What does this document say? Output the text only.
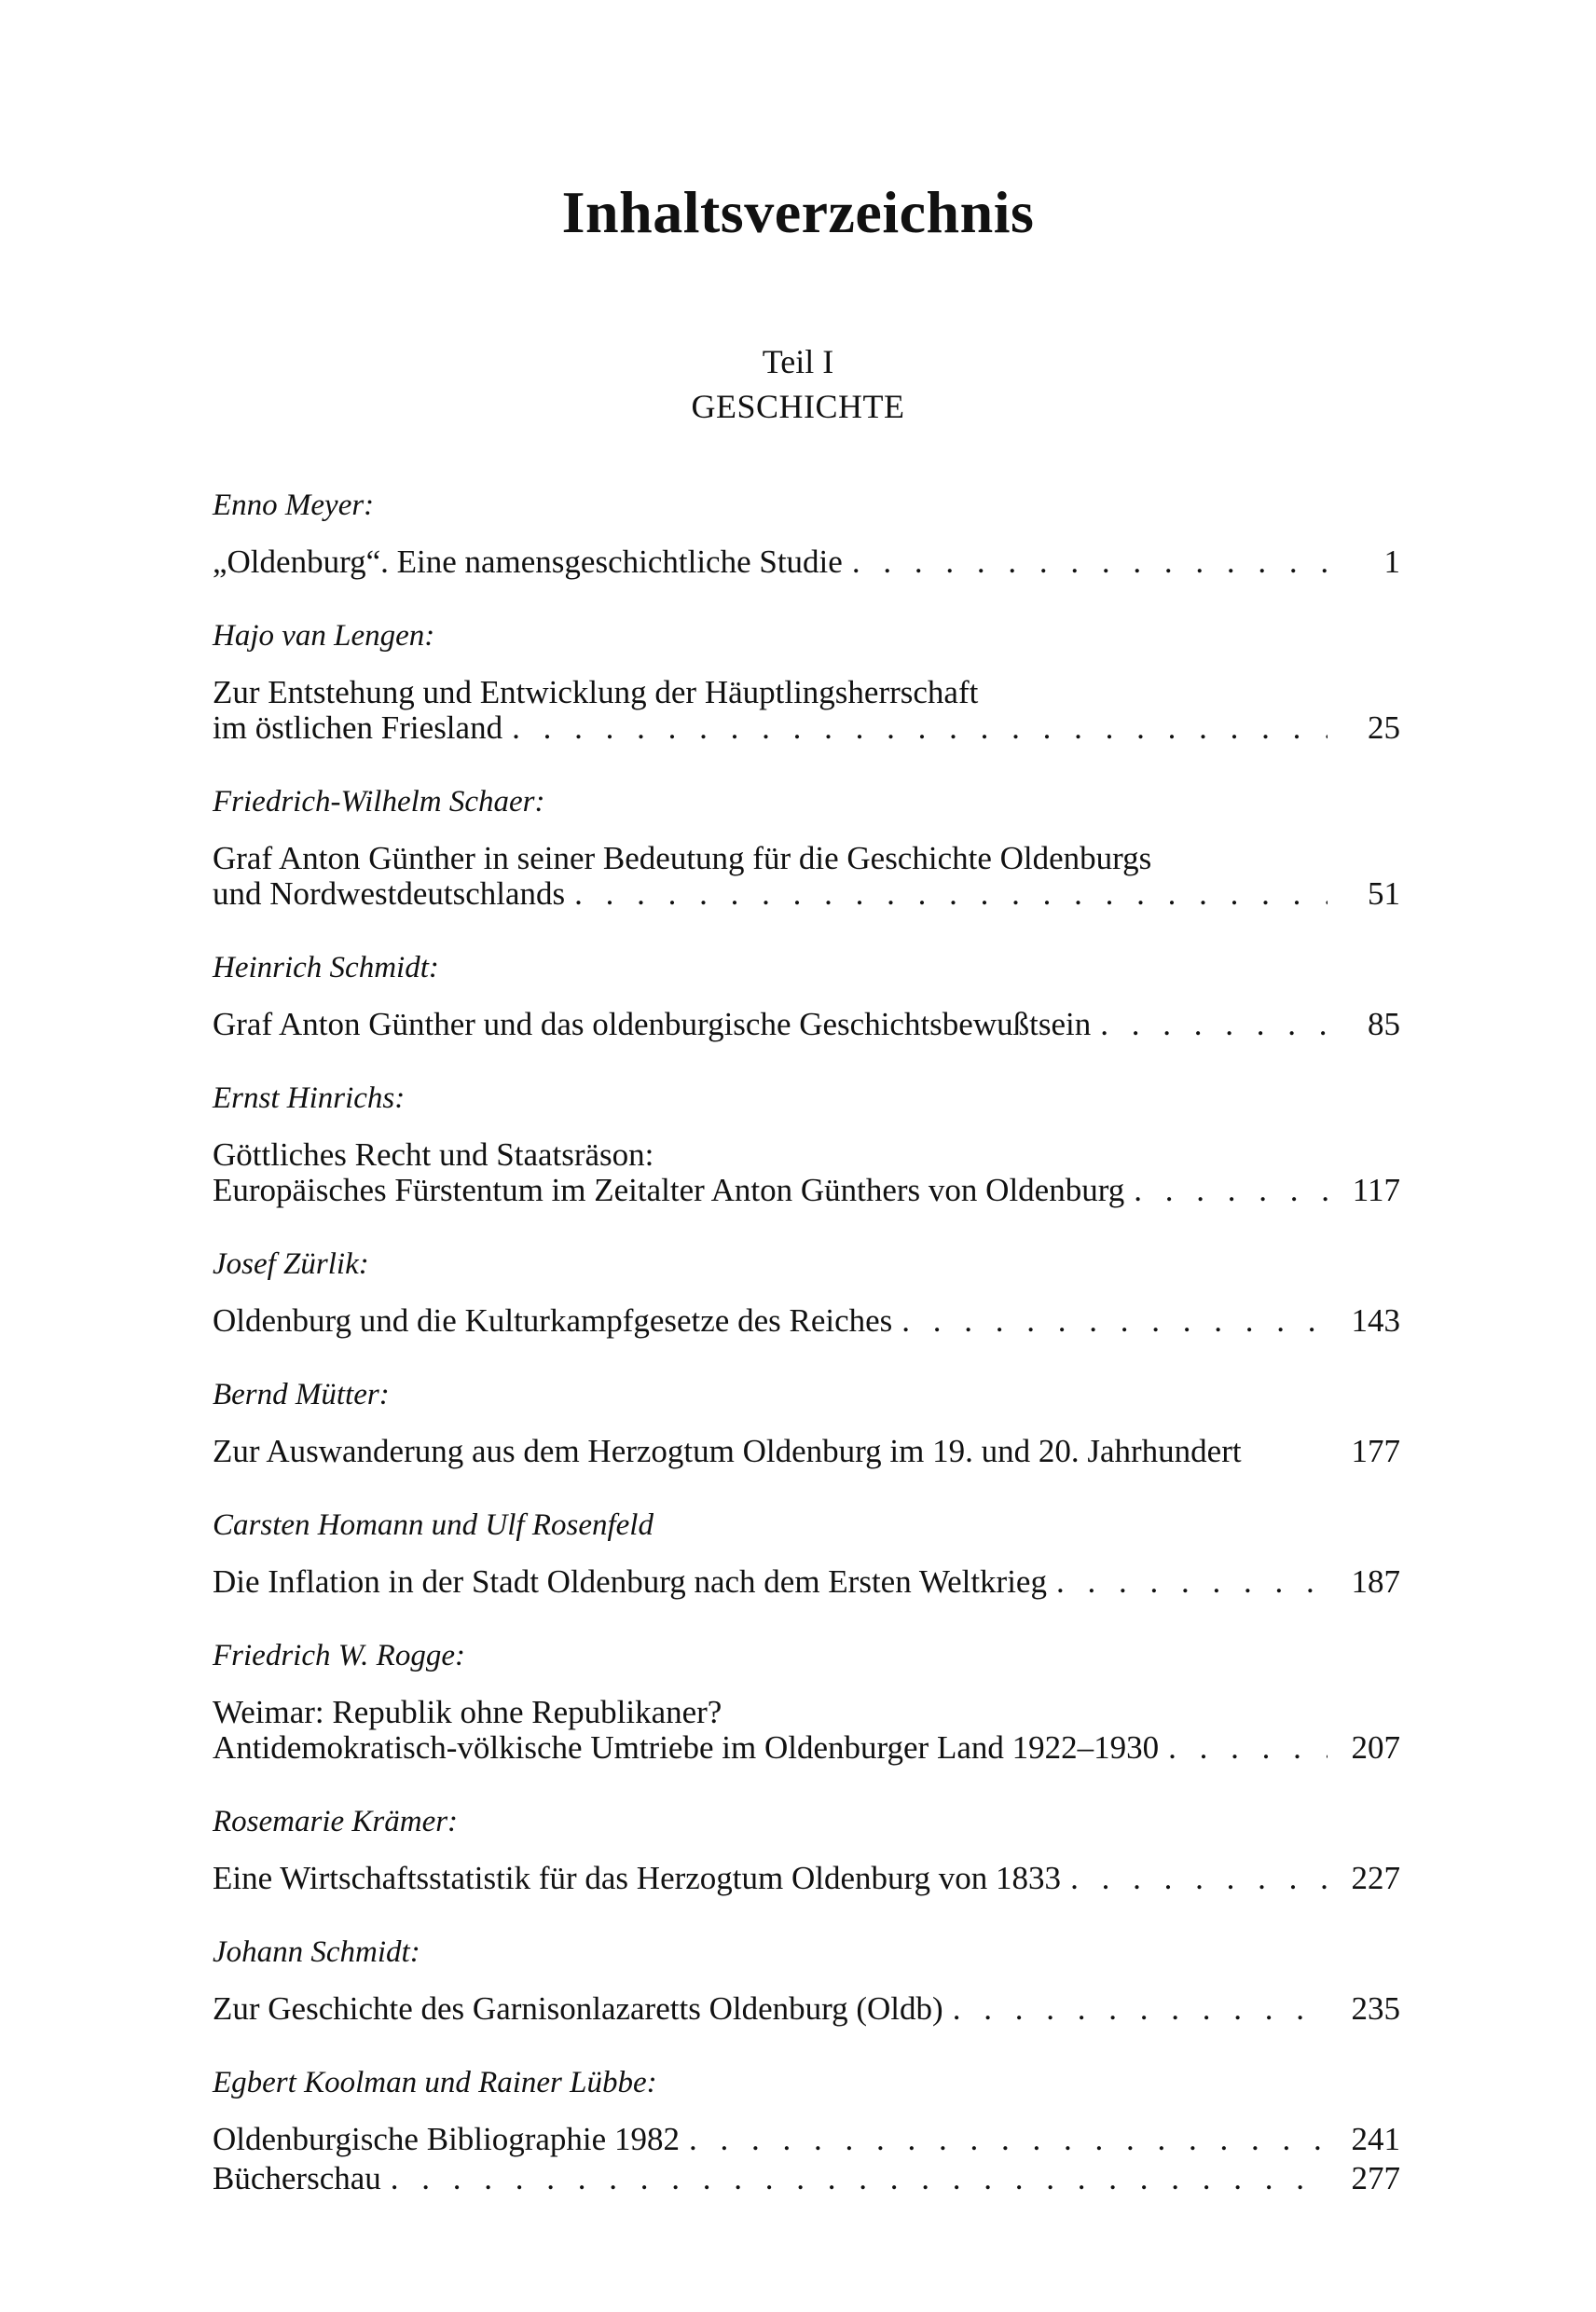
Inhaltsverzeichnis
Teil I
GESCHICHTE
Enno Meyer:
„Oldenburg“. Eine namensgeschichtliche Studie . . .	1
Hajo van Lengen:
Zur Entstehung und Entwicklung der Häuptlingsherrschaft
im östlichen Friesland . . .	25
Friedrich-Wilhelm Schaer:
Graf Anton Günther in seiner Bedeutung für die Geschichte Oldenburgs
und Nordwestdeutschlands . . .	51
Heinrich Schmidt:
Graf Anton Günther und das oldenburgische Geschichtsbewußtsein . . .	85
Ernst Hinrichs:
Göttliches Recht und Staatsräson:
Europäisches Fürstentum im Zeitalter Anton Günthers von Oldenburg . . .	117
Josef Zürlik:
Oldenburg und die Kulturkampfgesetze des Reiches . . .	143
Bernd Mütter:
Zur Auswanderung aus dem Herzogtum Oldenburg im 19. und 20. Jahrhundert	177
Carsten Homann und Ulf Rosenfeld
Die Inflation in der Stadt Oldenburg nach dem Ersten Weltkrieg . . .	187
Friedrich W. Rogge:
Weimar: Republik ohne Republikaner?
Antidemokratisch-völkische Umtriebe im Oldenburger Land 1922–1930 . . .	207
Rosemarie Krämer:
Eine Wirtschaftsstatistik für das Herzogtum Oldenburg von 1833 . . .	227
Johann Schmidt:
Zur Geschichte des Garnisonlazaretts Oldenburg (Oldb) . . .	235
Egbert Koolman und Rainer Lübbe:
Oldenburgische Bibliographie 1982 . . .	241
Bücherschau . . .	277
